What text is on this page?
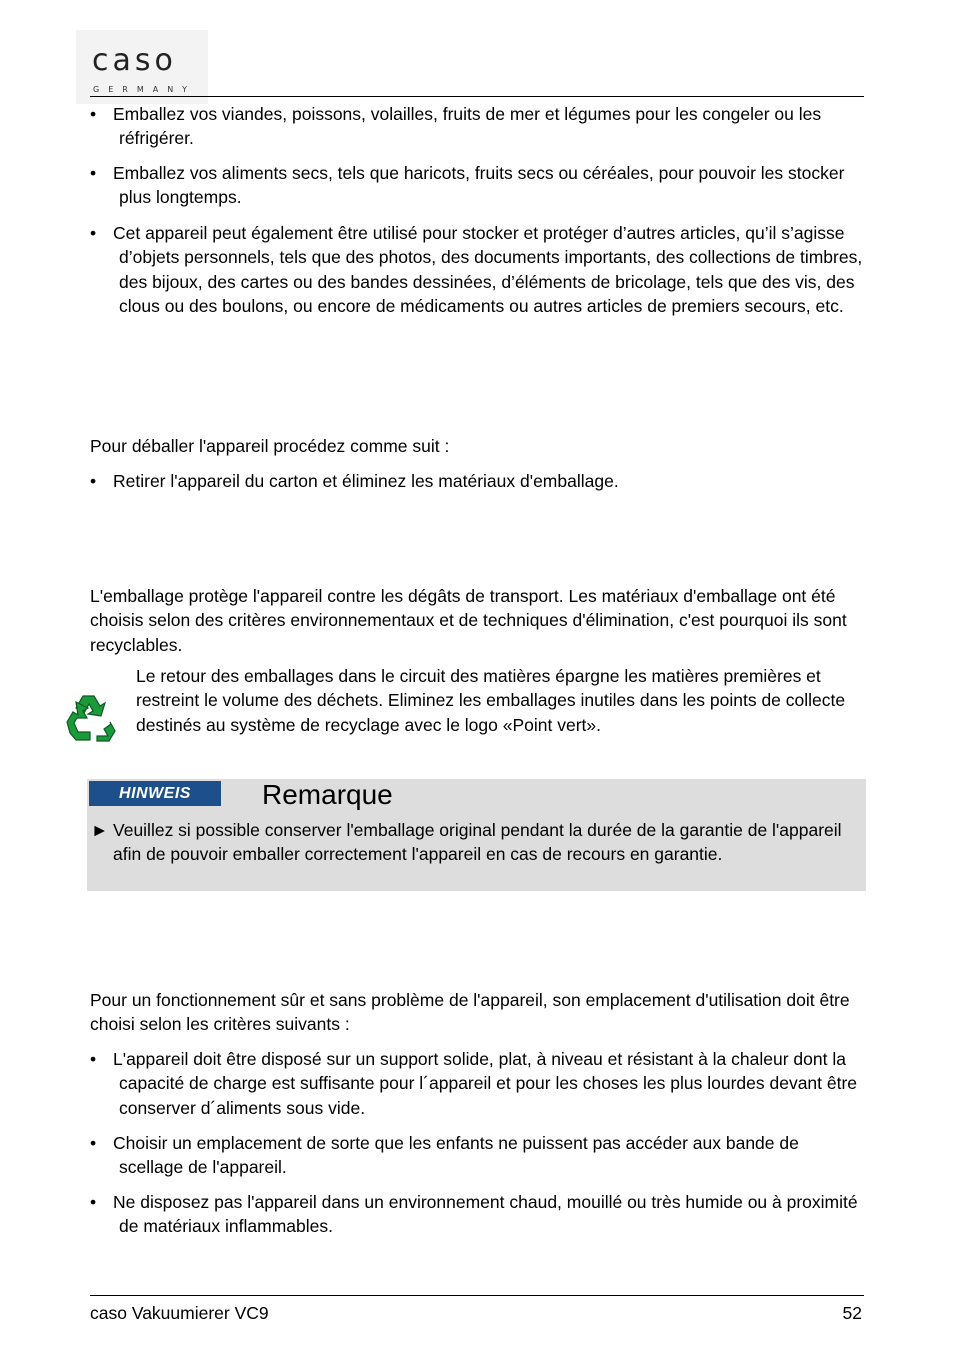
caso
GERMANY
• Emballez vos viandes, poissons, volailles, fruits de mer et légumes pour les congeler ou les réfrigérer.
• Emballez vos aliments secs, tels que haricots, fruits secs ou céréales, pour pouvoir les stocker plus longtemps.
• Cet appareil peut également être utilisé pour stocker et protéger d’autres articles, qu’il s’agisse d’objets personnels, tels que des photos, des documents importants, des collections de timbres, des bijoux, des cartes ou des bandes dessinées, d’éléments de bricolage, tels que des vis, des clous ou des boulons, ou encore de médicaments ou autres articles de premiers secours, etc.

Pour déballer l'appareil procédez comme suit :

• Retirer l'appareil du carton et éliminez les matériaux d'emballage.

L'emballage protège l'appareil contre les dégâts de transport. Les matériaux d'emballage ont été choisis selon des critères environnementaux et de techniques d'élimination, c'est pourquoi ils sont recyclables.

Le retour des emballages dans le circuit des matières épargne les matières premières et restreint le volume des déchets. Eliminez les emballages inutiles dans les points de collecte destinés au système de recyclage avec le logo «Point vert».
HINWEIS	Remarque
► Veuillez si possible conserver l'emballage original pendant la durée de la garantie de l'appareil afin de pouvoir emballer correctement l'appareil en cas de recours en garantie.

Pour un fonctionnement sûr et sans problème de l'appareil, son emplacement d'utilisation doit être choisi selon les critères suivants :

• L'appareil doit être disposé sur un support solide, plat, à niveau et résistant à la chaleur dont la capacité de charge est suffisante pour l´appareil et pour les choses les plus lourdes devant être conserver d´aliments sous vide.
• Choisir un emplacement de sorte que les enfants ne puissent pas accéder aux bande de scellage de l'appareil.
• Ne disposez pas l'appareil dans un environnement chaud, mouillé ou très humide ou à proximité de matériaux inflammables.
caso Vakuumierer VC9	52
